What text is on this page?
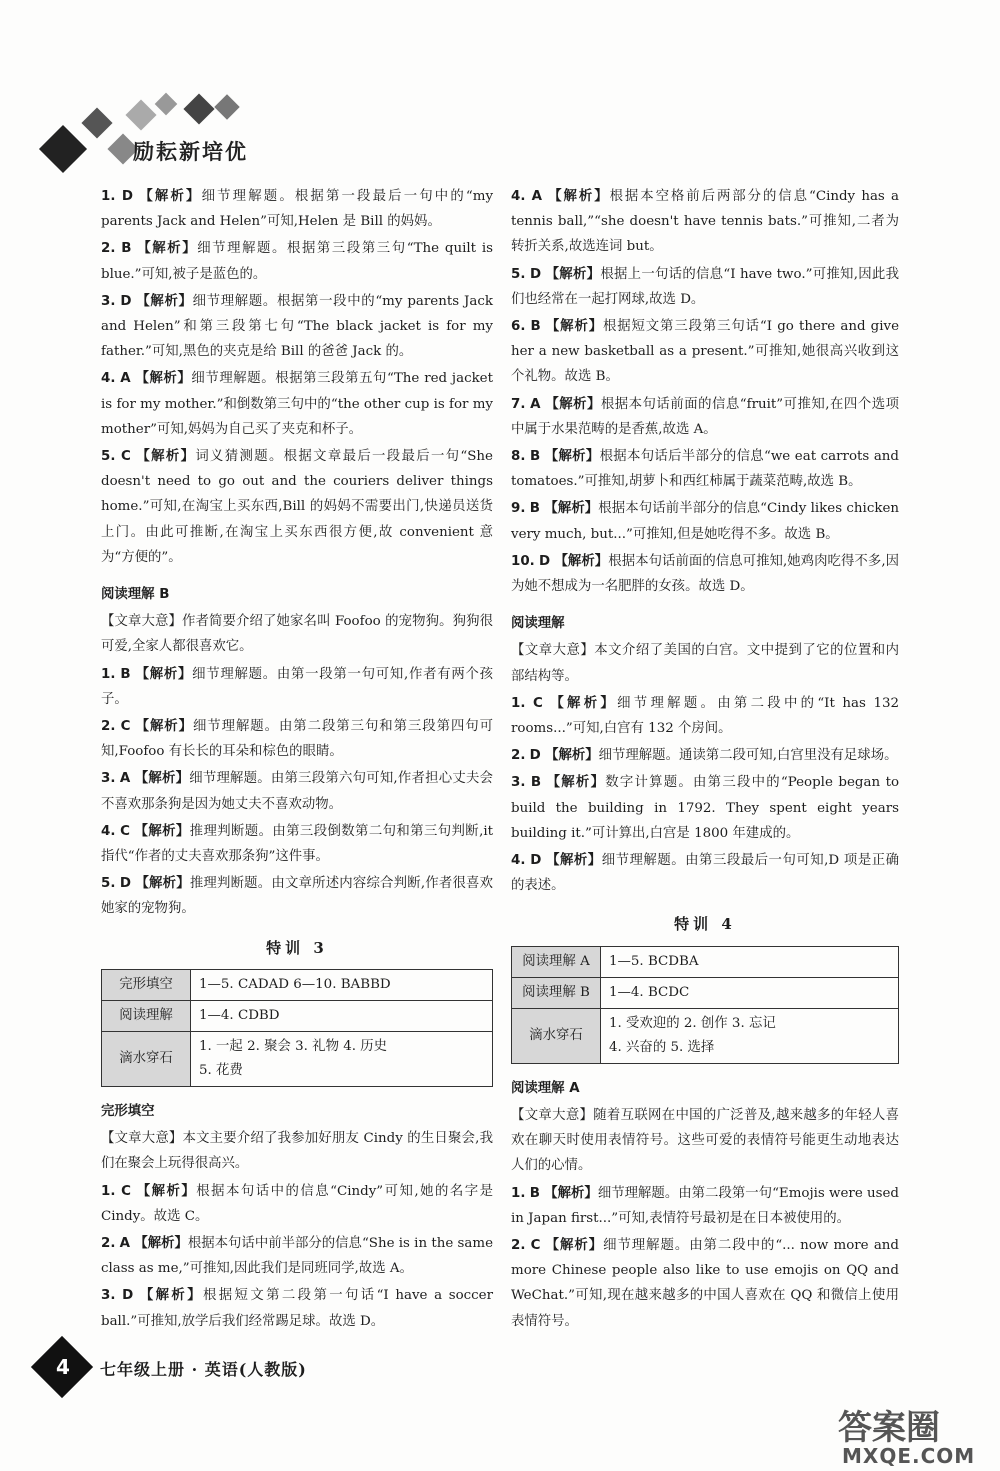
励耘新培优
1. D 【解析】细节理解题。根据第一段最后一句中的“my parents Jack and Helen”可知,Helen 是 Bill 的妈妈。
2. B 【解析】细节理解题。根据第三段第三句“The quilt is blue.”可知,被子是蓝色的。
3. D 【解析】细节理解题。根据第一段中的“my parents Jack and Helen”和第三段第七句“The black jacket is for my father.”可知,黑色的夹克是给 Bill 的爸爸 Jack 的。
4. A 【解析】细节理解题。根据第三段第五句“The red jacket is for my mother.”和倒数第三句中的“the other cup is for my mother”可知,妈妈为自己买了夹克和杯子。
5. C 【解析】词义猜测题。根据文章最后一段最后一句“She doesn't need to go out and the couriers deliver things home.”可知,在淘宝上买东西,Bill 的妈妈不需要出门,快递员送货上门。由此可推断,在淘宝上买东西很方便,故 convenient 意为“方便的”。
阅读理解 B
【文章大意】作者简要介绍了她家名叫 Foofoo 的宠物狗。狗狗很可爱,全家人都很喜欢它。
1. B 【解析】细节理解题。由第一段第一句可知,作者有两个孩子。
2. C 【解析】细节理解题。由第二段第三句和第三段第四句可知,Foofoo 有长长的耳朵和棕色的眼睛。
3. A 【解析】细节理解题。由第三段第六句可知,作者担心丈夫会不喜欢那条狗是因为她丈夫不喜欢动物。
4. C 【解析】推理判断题。由第三段倒数第二句和第三句判断,it 指代“作者的丈夫喜欢那条狗”这件事。
5. D 【解析】推理判断题。由文章所述内容综合判断,作者很喜欢她家的宠物狗。
特训 3
完形填空	1—5. CADAD 6—10. BABBD
阅读理解	1—4. CDBD
滴水穿石	1. 一起 2. 聚会 3. 礼物 4. 历史
5. 花费
完形填空
【文章大意】本文主要介绍了我参加好朋友 Cindy 的生日聚会,我们在聚会上玩得很高兴。
1. C 【解析】根据本句话中的信息“Cindy”可知,她的名字是 Cindy。故选 C。
2. A 【解析】根据本句话中前半部分的信息“She is in the same class as me,”可推知,因此我们是同班同学,故选 A。
3. D 【解析】根据短文第二段第一句话“I have a soccer ball.”可推知,放学后我们经常踢足球。故选 D。
4. A 【解析】根据本空格前后两部分的信息“Cindy has a tennis ball,”“she doesn't have tennis bats.”可推知,二者为转折关系,故选连词 but。
5. D 【解析】根据上一句话的信息“I have two.”可推知,因此我们也经常在一起打网球,故选 D。
6. B 【解析】根据短文第三段第三句话“I go there and give her a new basketball as a present.”可推知,她很高兴收到这个礼物。故选 B。
7. A 【解析】根据本句话前面的信息“fruit”可推知,在四个选项中属于水果范畴的是香蕉,故选 A。
8. B 【解析】根据本句话后半部分的信息“we eat carrots and tomatoes.”可推知,胡萝卜和西红柿属于蔬菜范畴,故选 B。
9. B 【解析】根据本句话前半部分的信息“Cindy likes chicken very much, but...”可推知,但是她吃得不多。故选 B。
10. D 【解析】根据本句话前面的信息可推知,她鸡肉吃得不多,因为她不想成为一名肥胖的女孩。故选 D。
阅读理解
【文章大意】本文介绍了美国的白宫。文中提到了它的位置和内部结构等。
1. C 【解析】细节理解题。由第二段中的“It has 132 rooms...”可知,白宫有 132 个房间。
2. D 【解析】细节理解题。通读第二段可知,白宫里没有足球场。
3. B 【解析】数字计算题。由第三段中的“People began to build the building in 1792. They spent eight years building it.”可计算出,白宫是 1800 年建成的。
4. D 【解析】细节理解题。由第三段最后一句可知,D 项是正确的表述。
特训 4
阅读理解 A	1—5. BCDBA
阅读理解 B	1—4. BCDC
滴水穿石	1. 受欢迎的 2. 创作 3. 忘记
4. 兴奋的 5. 选择
阅读理解 A
【文章大意】随着互联网在中国的广泛普及,越来越多的年轻人喜欢在聊天时使用表情符号。这些可爱的表情符号能更生动地表达人们的心情。
1. B 【解析】细节理解题。由第二段第一句“Emojis were used in Japan first...”可知,表情符号最初是在日本被使用的。
2. C 【解析】细节理解题。由第二段中的“... now more and more Chinese people also like to use emojis on QQ and WeChat.”可知,现在越来越多的中国人喜欢在 QQ 和微信上使用表情符号。
4 七年级上册 · 英语(人教版)
答案圈
MXQE.COM
